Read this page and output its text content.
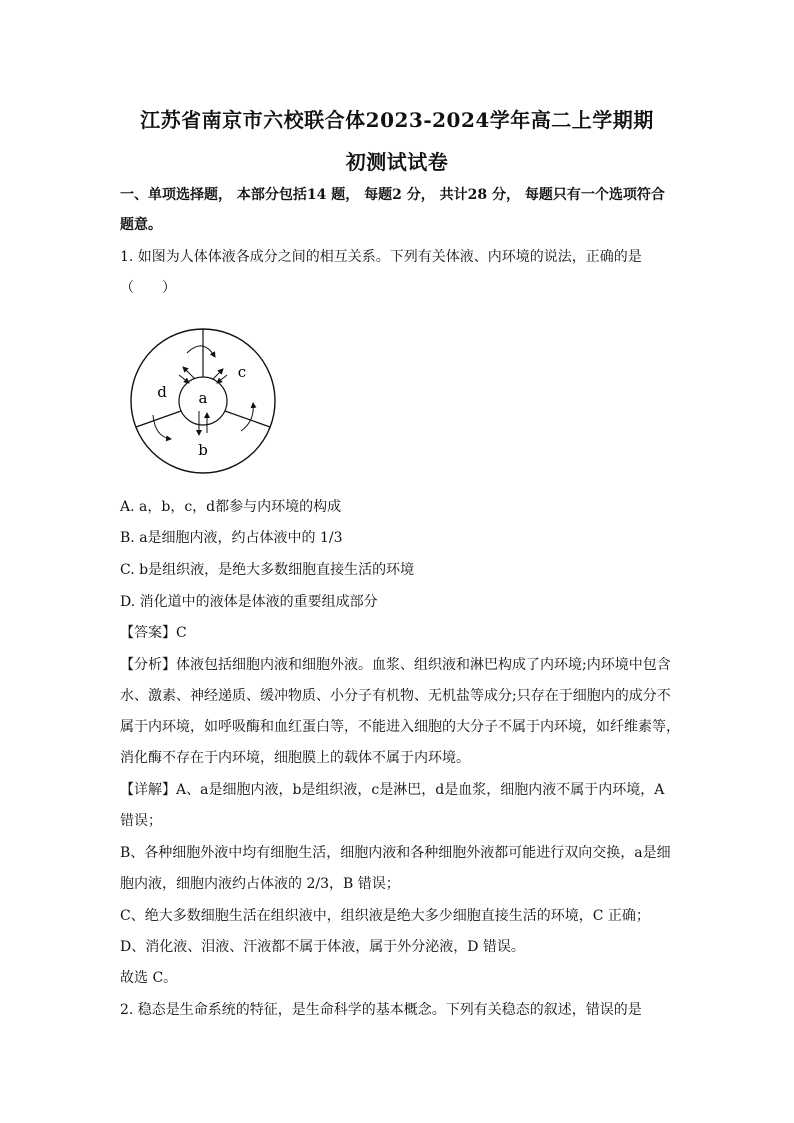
江苏省南京市六校联合体2023-2024学年高二上学期期
初测试试卷
一、单项选择题， 本部分包括14 题， 每题2 分， 共计28 分， 每题只有一个选项符合
题意。
1. 如图为人体体液各成分之间的相互关系。下列有关体液、内环境的说法，正确的是
（　　）
a
b
c
d
A. a，b，c，d都参与内环境的构成
B. a是细胞内液，约占体液中的 1/3
C. b是组织液，是绝大多数细胞直接生活的环境
D. 消化道中的液体是体液的重要组成部分
【答案】C
【分析】体液包括细胞内液和细胞外液。血浆、组织液和淋巴构成了内环境;内环境中包含
水、激素、神经递质、缓冲物质、小分子有机物、无机盐等成分;只存在于细胞内的成分不
属于内环境，如呼吸酶和血红蛋白等，不能进入细胞的大分子不属于内环境，如纤维素等，
消化酶不存在于内环境，细胞膜上的载体不属于内环境。
【详解】A、a是细胞内液，b是组织液，c是淋巴，d是血浆，细胞内液不属于内环境，A
错误；
B、各种细胞外液中均有细胞生活，细胞内液和各种细胞外液都可能进行双向交换，a是细
胞内液，细胞内液约占体液的 2/3，B 错误；
C、绝大多数细胞生活在组织液中，组织液是绝大多少细胞直接生活的环境，C 正确；
D、消化液、泪液、汗液都不属于体液，属于外分泌液，D 错误。
故选 C。
2. 稳态是生命系统的特征，是生命科学的基本概念。下列有关稳态的叙述，错误的是
